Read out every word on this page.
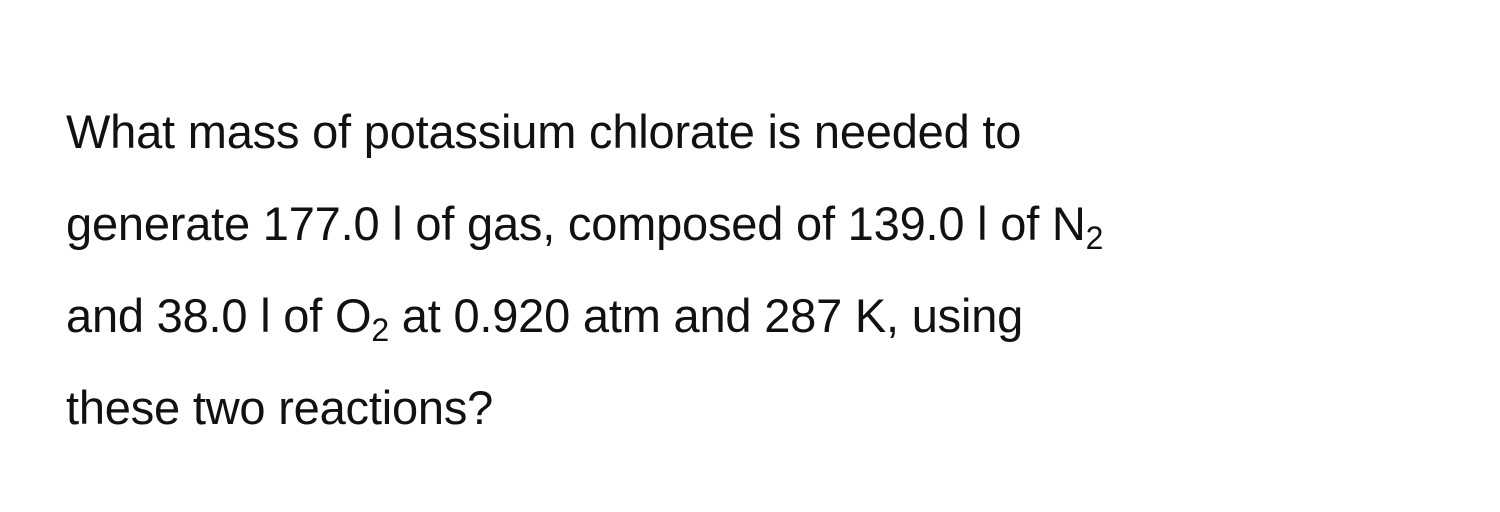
What mass of potassium chlorate is needed to
generate 177.0 l of gas, composed of 139.0 l of N2
and 38.0 l of O2 at 0.920 atm and 287 K, using
these two reactions?
